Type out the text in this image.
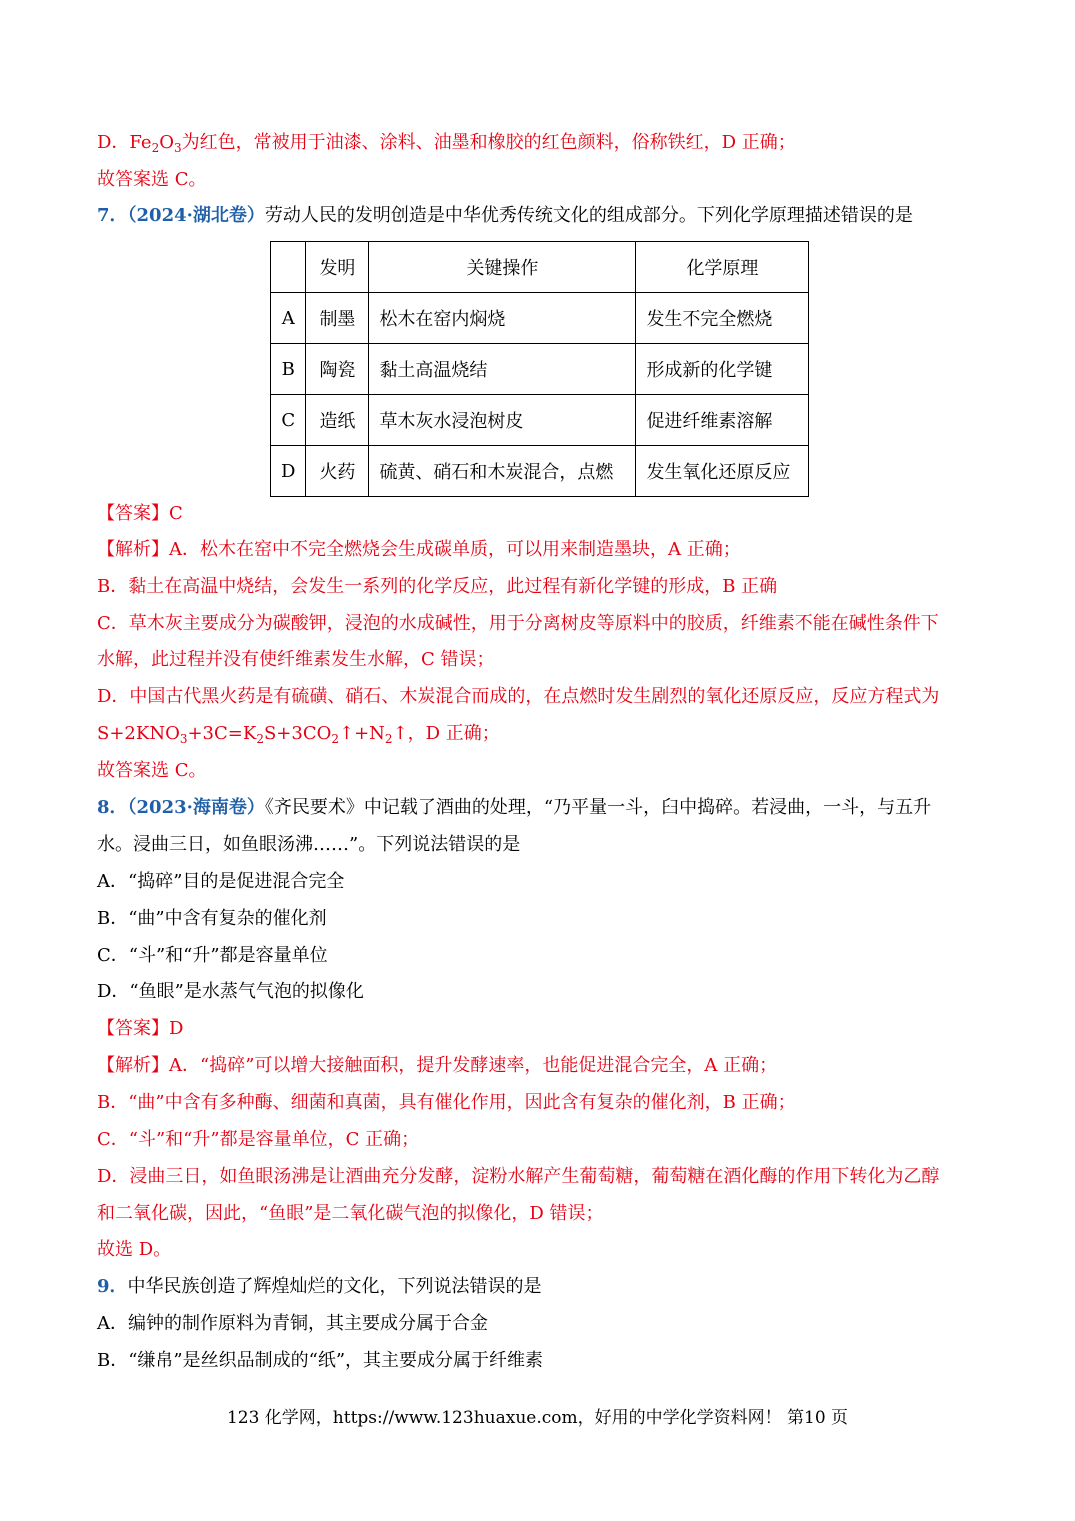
D．$Fe_2O_3$为红色，常被用于油漆、涂料、油墨和橡胶的红色颜料，俗称铁红，D 正确；
故答案选 C。
7．（2024·湖北卷）劳动人民的发明创造是中华优秀传统文化的组成部分。下列化学原理描述错误的是
	发明	关键操作	化学原理
A	制墨	松木在窑内焖烧	发生不完全燃烧
B	陶瓷	黏土高温烧结	形成新的化学键
C	造纸	草木灰水浸泡树皮	促进纤维素溶解
D	火药	硫黄、硝石和木炭混合，点燃	发生氧化还原反应
【答案】C
【解析】A．松木在窑中不完全燃烧会生成碳单质，可以用来制造墨块，A 正确；
B．黏土在高温中烧结，会发生一系列的化学反应，此过程有新化学键的形成，B 正确
C．草木灰主要成分为碳酸钾，浸泡的水成碱性，用于分离树皮等原料中的胶质，纤维素不能在碱性条件下
水解，此过程并没有使纤维素发生水解，C 错误；
D．中国古代黑火药是有硫磺、硝石、木炭混合而成的，在点燃时发生剧烈的氧化还原反应，反应方程式为
$S+2KNO_3+3C=K_2S+3CO_2↑+N_2↑$，D 正确；
故答案选 C。
8．（2023·海南卷）《齐民要术》中记载了酒曲的处理，“乃平量一斗，臼中捣碎。若浸曲，一斗，与五升
水。浸曲三日，如鱼眼汤沸……”。下列说法错误的是
A．“捣碎”目的是促进混合完全
B．“曲”中含有复杂的催化剂
C．“斗”和“升”都是容量单位
D．“鱼眼”是水蒸气气泡的拟像化
【答案】D
【解析】A．“捣碎”可以增大接触面积，提升发酵速率，也能促进混合完全，A 正确；
B．“曲”中含有多种酶、细菌和真菌，具有催化作用，因此含有复杂的催化剂，B 正确；
C．“斗”和“升”都是容量单位，C 正确；
D．浸曲三日，如鱼眼汤沸是让酒曲充分发酵，淀粉水解产生葡萄糖，葡萄糖在酒化酶的作用下转化为乙醇
和二氧化碳，因此，“鱼眼”是二氧化碳气泡的拟像化，D 错误；
故选 D。
9．中华民族创造了辉煌灿烂的文化，下列说法错误的是
A．编钟的制作原料为青铜，其主要成分属于合金
B．“缣帛”是丝织品制成的“纸”，其主要成分属于纤维素
123 化学网，https://www.123huaxue.com，好用的中学化学资料网！ 第10 页
